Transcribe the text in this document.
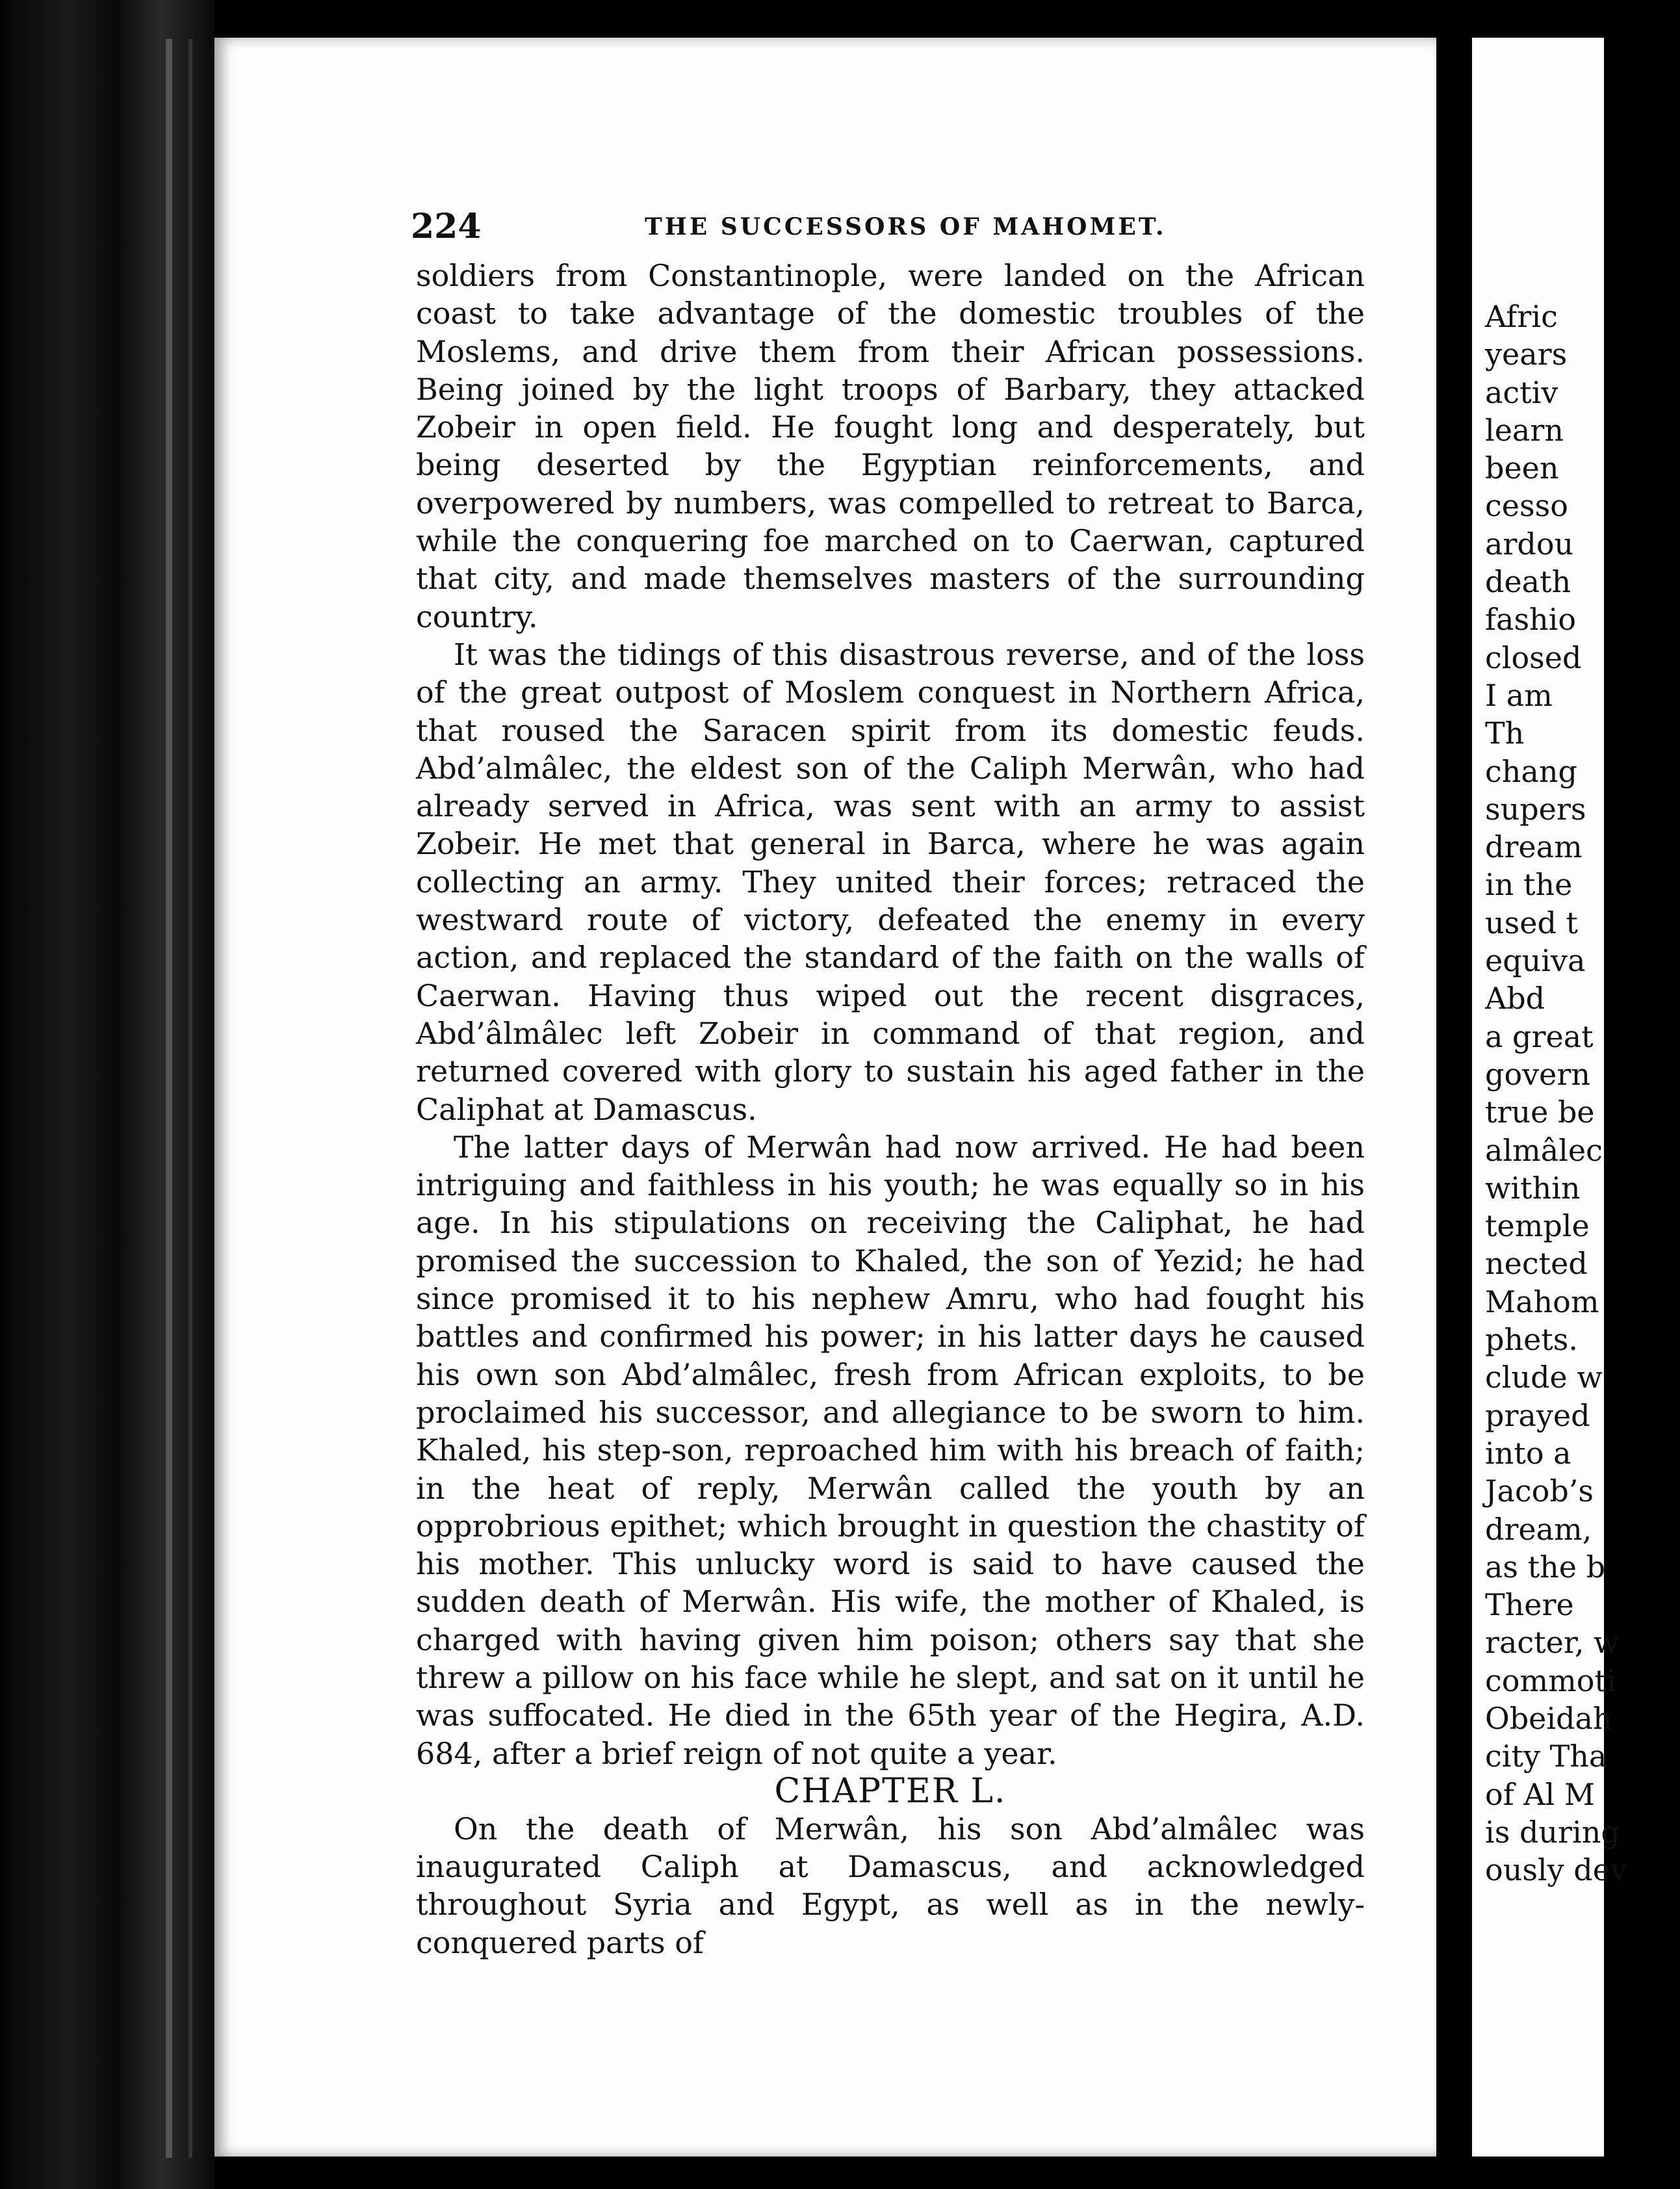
224	THE SUCCESSORS OF MAHOMET.

soldiers from Constantinople, were landed on the African coast to take advantage of the domestic troubles of the Moslems, and drive them from their African possessions. Being joined by the light troops of Barbary, they attacked Zobeir in open field. He fought long and desperately, but being deserted by the Egyptian reinforcements, and overpowered by numbers, was compelled to retreat to Barca, while the conquering foe marched on to Caerwan, captured that city, and made themselves masters of the surrounding country.

It was the tidings of this disastrous reverse, and of the loss of the great outpost of Moslem conquest in Northern Africa, that roused the Saracen spirit from its domestic feuds. Abd’almâlec, the eldest son of the Caliph Merwân, who had already served in Africa, was sent with an army to assist Zobeir. He met that general in Barca, where he was again collecting an army. They united their forces; retraced the westward route of victory, defeated the enemy in every action, and replaced the standard of the faith on the walls of Caerwan. Having thus wiped out the recent disgraces, Abd’âlmâlec left Zobeir in command of that region, and returned covered with glory to sustain his aged father in the Caliphat at Damascus.

The latter days of Merwân had now arrived. He had been intriguing and faithless in his youth; he was equally so in his age. In his stipulations on receiving the Caliphat, he had promised the succession to Khaled, the son of Yezid; he had since promised it to his nephew Amru, who had fought his battles and confirmed his power; in his latter days he caused his own son Abd’almâlec, fresh from African exploits, to be proclaimed his successor, and allegiance to be sworn to him. Khaled, his step-son, reproached him with his breach of faith; in the heat of reply, Merwân called the youth by an opprobrious epithet; which brought in question the chastity of his mother. This unlucky word is said to have caused the sudden death of Merwân. His wife, the mother of Khaled, is charged with having given him poison; others say that she threw a pillow on his face while he slept, and sat on it until he was suffocated. He died in the 65th year of the Hegira, A.D. 684, after a brief reign of not quite a year.

CHAPTER L.

On the death of Merwân, his son Abd’almâlec was inaugurated Caliph at Damascus, and acknowledged throughout Syria and Egypt, as well as in the newly-conquered parts of

Afric
years
activ
learn
been
cesso
ardou
death
fashio
closed
I am
Th
chang
supers
dream
in the
used t
equiva
Abd
a great
govern
true be
almâlec
within
temple
nected
Mahom
phets.
clude w
prayed
into a
Jacob’s
dream,
as the b
There
racter, w
commoti
Obeidah
city Tha
of Al M
is during
ously dev
